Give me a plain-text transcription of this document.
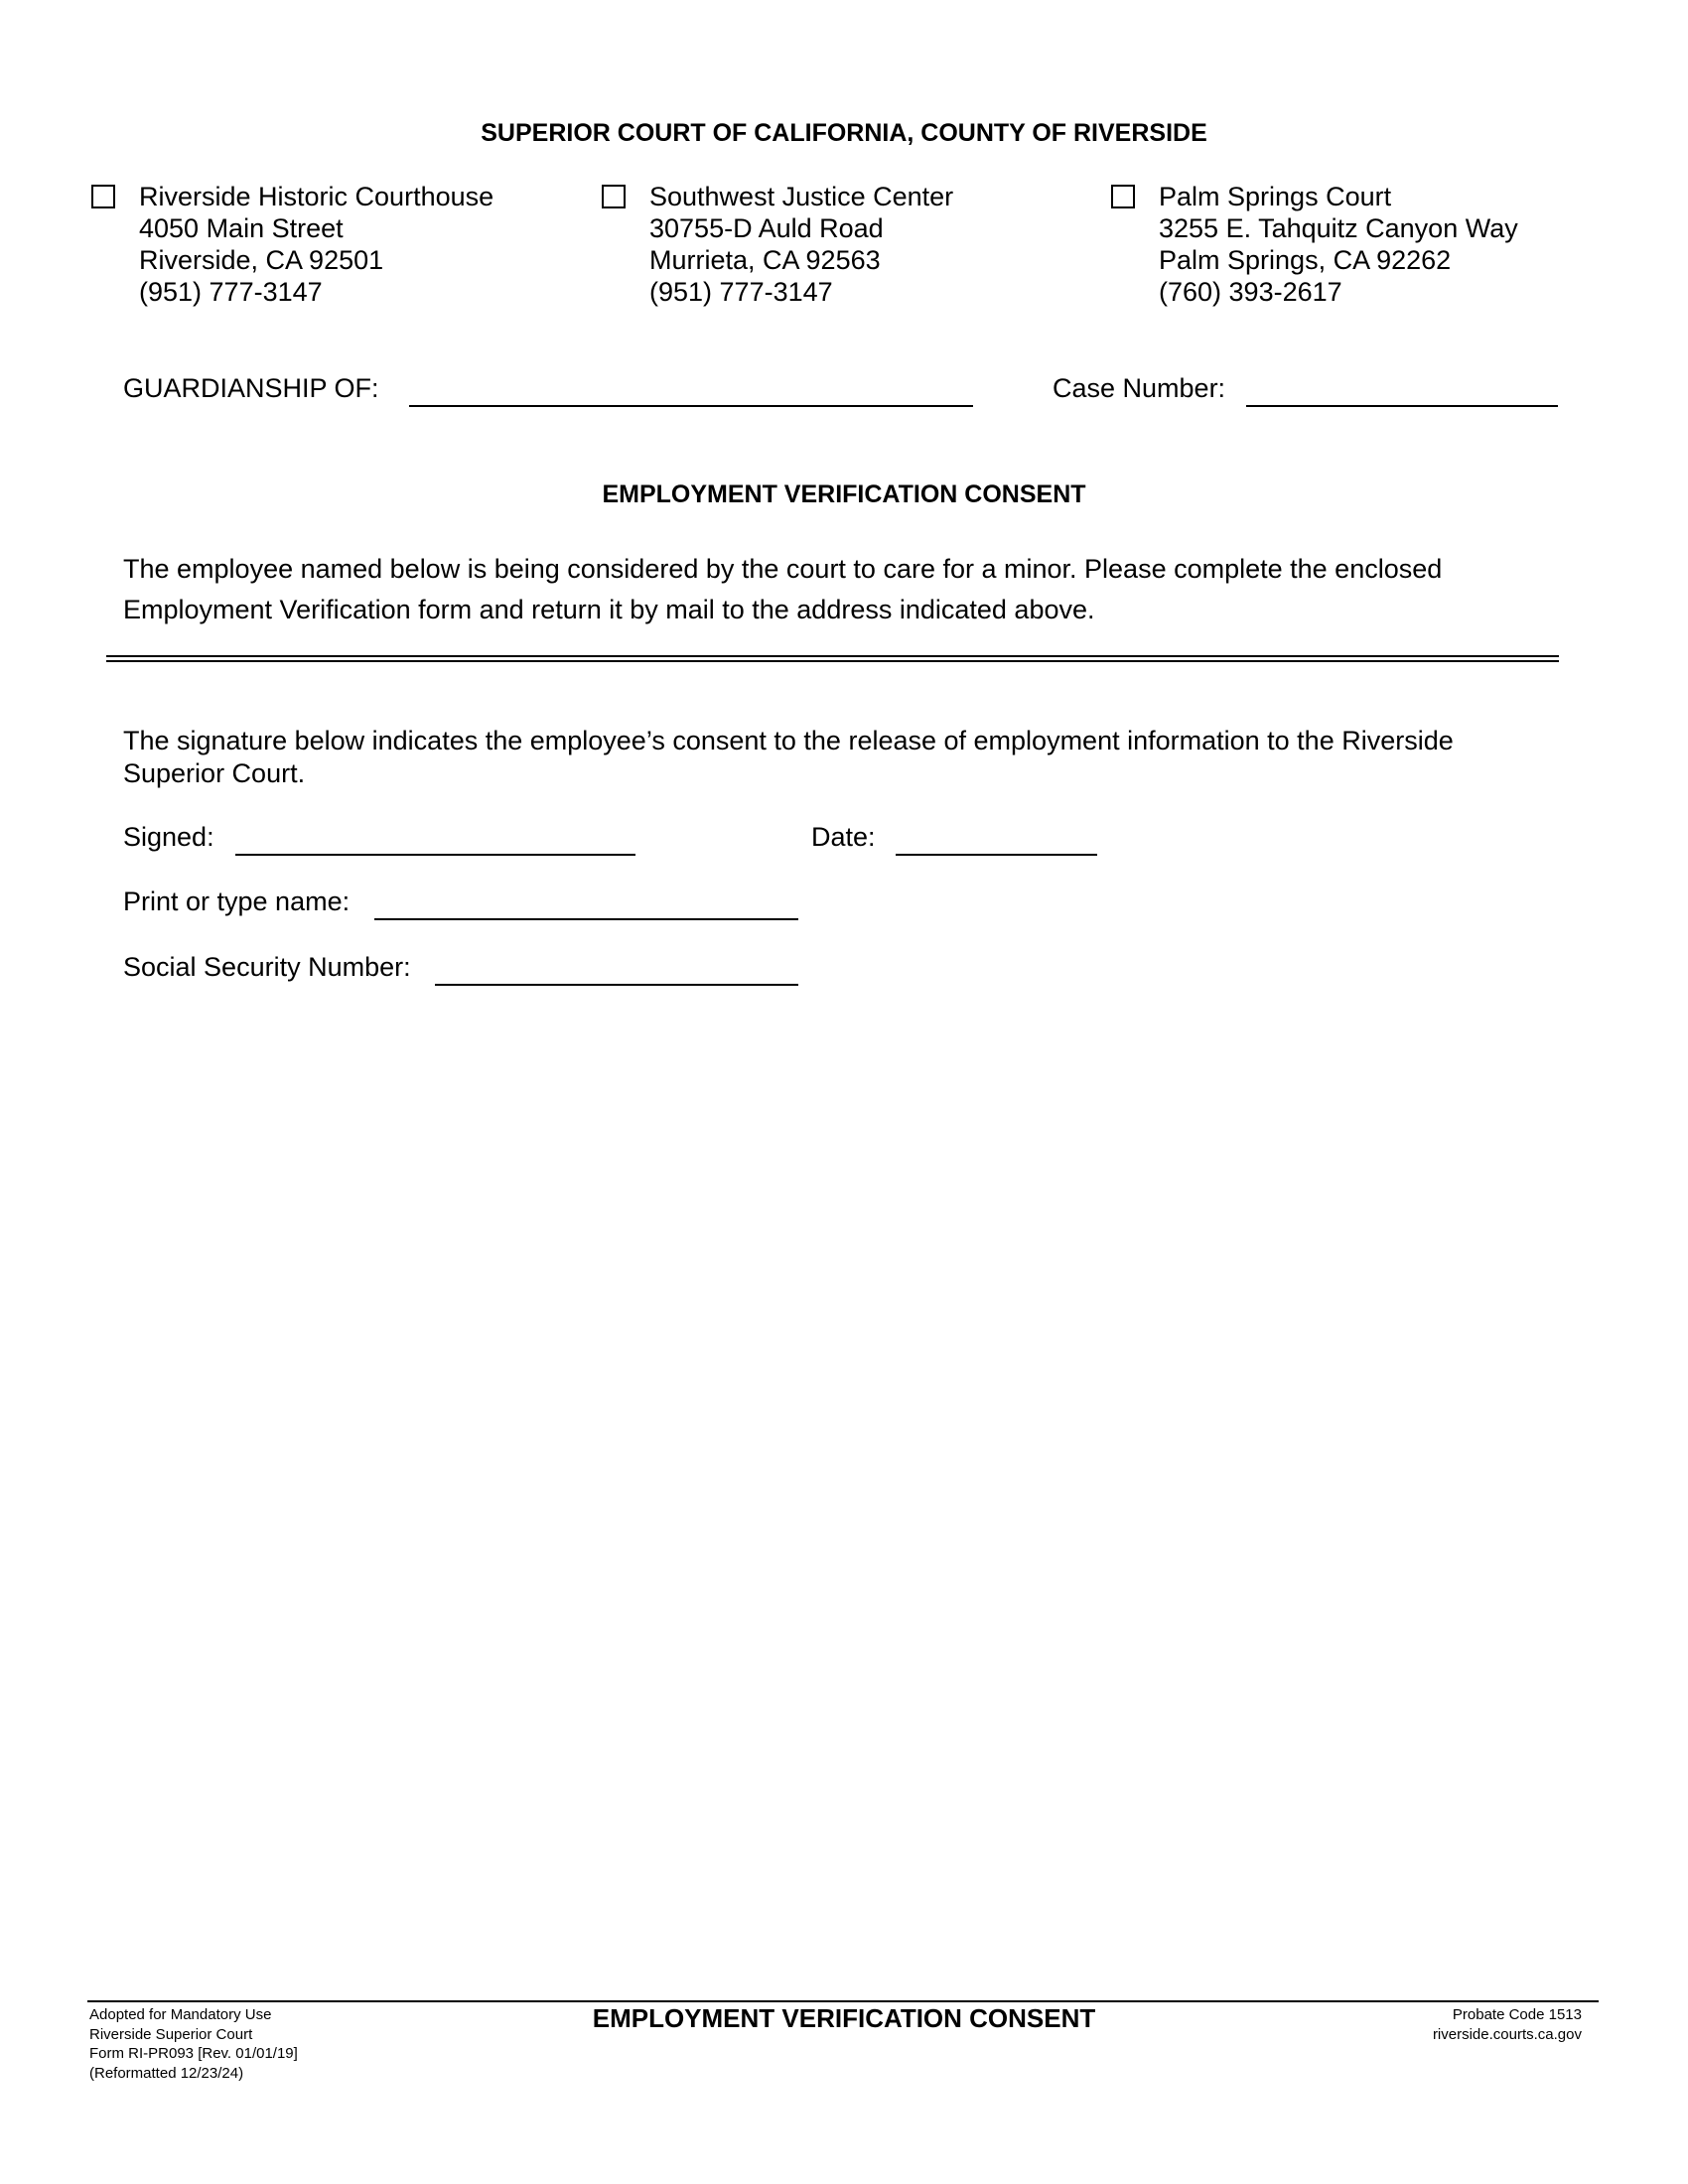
SUPERIOR COURT OF CALIFORNIA, COUNTY OF RIVERSIDE
Riverside Historic Courthouse
4050 Main Street
Riverside, CA 92501
(951) 777-3147
Southwest Justice Center
30755-D Auld Road
Murrieta, CA 92563
(951) 777-3147
Palm Springs Court
3255 E. Tahquitz Canyon Way
Palm Springs, CA 92262
(760) 393-2617
GUARDIANSHIP OF:	Case Number:
EMPLOYMENT VERIFICATION CONSENT
The employee named below is being considered by the court to care for a minor. Please complete the enclosed
Employment Verification form and return it by mail to the address indicated above.
The signature below indicates the employee’s consent to the release of employment information to the Riverside
Superior Court.
Signed:	Date:
Print or type name:
Social Security Number:
Adopted for Mandatory Use
Riverside Superior Court
Form RI-PR093 [Rev. 01/01/19]
(Reformatted 12/23/24)
EMPLOYMENT VERIFICATION CONSENT	Probate Code 1513
riverside.courts.ca.gov
